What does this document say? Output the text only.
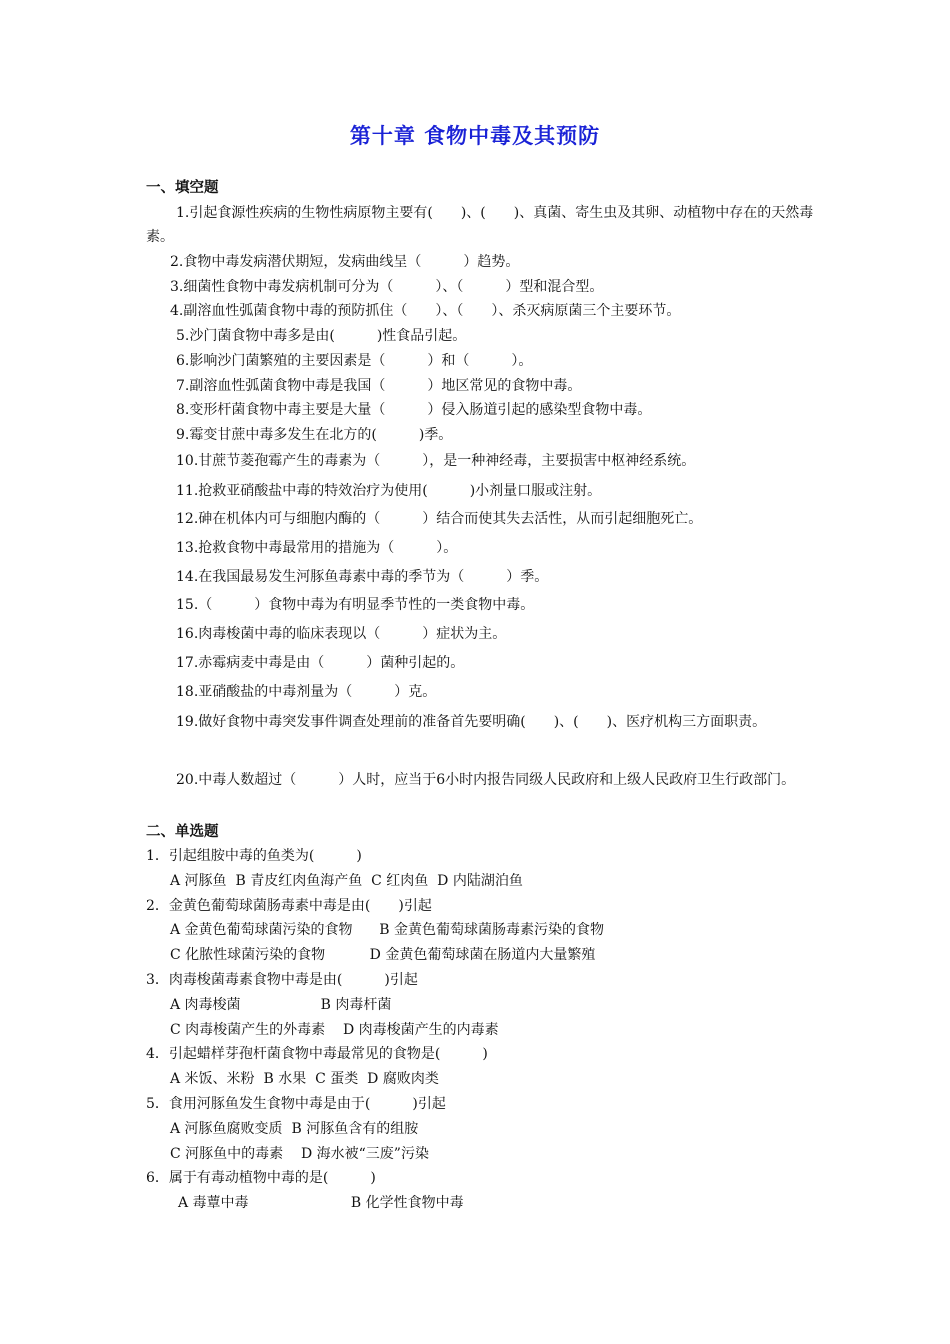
第十章 食物中毒及其预防
一、填空题
1.引起食源性疾病的生物性病原物主要有(　　)、(　　)、真菌、寄生虫及其卵、动植物中存在的天然毒素。
2.食物中毒发病潜伏期短，发病曲线呈（　　　）趋势。
3.细菌性食物中毒发病机制可分为（　　　）、（　　　）型和混合型。
4.副溶血性弧菌食物中毒的预防抓住（　　）、（　　）、杀灭病原菌三个主要环节。
5.沙门菌食物中毒多是由(　　　)性食品引起。
6.影响沙门菌繁殖的主要因素是（　　　）和（　　　）。
7.副溶血性弧菌食物中毒是我国（　　　）地区常见的食物中毒。
8.变形杆菌食物中毒主要是大量（　　　）侵入肠道引起的感染型食物中毒。
9.霉变甘蔗中毒多发生在北方的(　　　)季。
10.甘蔗节菱孢霉产生的毒素为（　　　），是一种神经毒，主要损害中枢神经系统。
11.抢救亚硝酸盐中毒的特效治疗为使用(　　　)小剂量口服或注射。
12.砷在机体内可与细胞内酶的（　　　）结合而使其失去活性，从而引起细胞死亡。
13.抢救食物中毒最常用的措施为（　　　）。
14.在我国最易发生河豚鱼毒素中毒的季节为（　　　）季。
15.（　　　）食物中毒为有明显季节性的一类食物中毒。
16.肉毒梭菌中毒的临床表现以（　　　）症状为主。
17.赤霉病麦中毒是由（　　　）菌种引起的。
18.亚硝酸盐的中毒剂量为（　　　）克。
19.做好食物中毒突发事件调查处理前的准备首先要明确(　　)、(　　)、医疗机构三方面职责。
20.中毒人数超过（　　　）人时，应当于6小时内报告同级人民政府和上级人民政府卫生行政部门。
二、单选题
1．引起组胺中毒的鱼类为(　　　)
A 河豚鱼  B 青皮红肉鱼海产鱼  C 红肉鱼  D 内陆湖泊鱼
2．金黄色葡萄球菌肠毒素中毒是由(　　)引起
A 金黄色葡萄球菌污染的食物      B 金黄色葡萄球菌肠毒素污染的食物
C 化脓性球菌污染的食物          D 金黄色葡萄球菌在肠道内大量繁殖
3．肉毒梭菌毒素食物中毒是由(　　　)引起
A 肉毒梭菌                  B 肉毒杆菌
C 肉毒梭菌产生的外毒素    D 肉毒梭菌产生的内毒素
4．引起蜡样芽孢杆菌食物中毒最常见的食物是(　　　)
A 米饭、米粉  B 水果  C 蛋类  D 腐败肉类
5．食用河豚鱼发生食物中毒是由于(　　　)引起
A 河豚鱼腐败变质  B 河豚鱼含有的组胺
C 河豚鱼中的毒素    D 海水被“三废”污染
6．属于有毒动植物中毒的是(　　　)
A 毒蕈中毒                       B 化学性食物中毒
